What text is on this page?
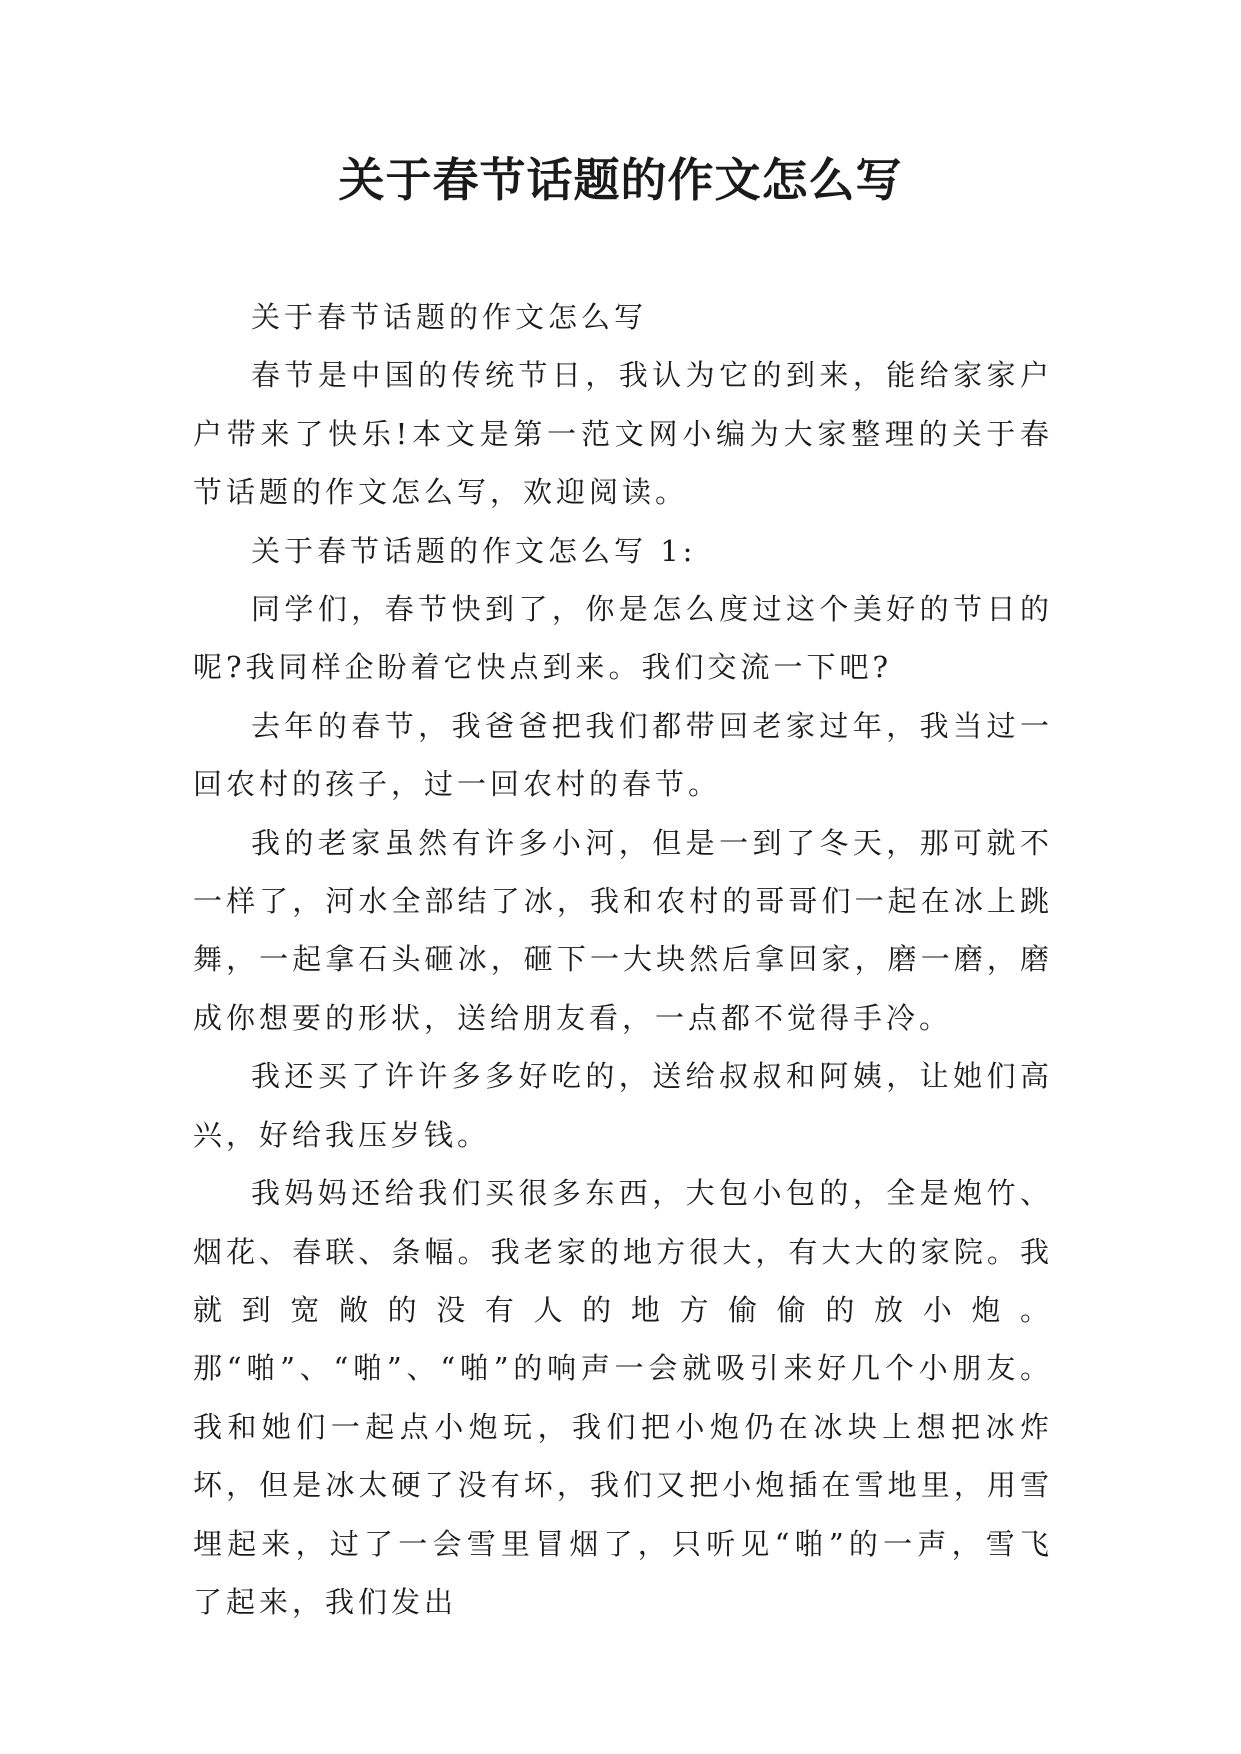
关于春节话题的作文怎么写

关于春节话题的作文怎么写

春节是中国的传统节日，我认为它的到来，能给家家户户带来了快乐!本文是第一范文网小编为大家整理的关于春节话题的作文怎么写，欢迎阅读。

关于春节话题的作文怎么写 1:

同学们，春节快到了，你是怎么度过这个美好的节日的呢?我同样企盼着它快点到来。我们交流一下吧?

去年的春节，我爸爸把我们都带回老家过年，我当过一回农村的孩子，过一回农村的春节。

我的老家虽然有许多小河，但是一到了冬天，那可就不一样了，河水全部结了冰，我和农村的哥哥们一起在冰上跳舞，一起拿石头砸冰，砸下一大块然后拿回家，磨一磨，磨成你想要的形状，送给朋友看，一点都不觉得手冷。

我还买了许许多多好吃的，送给叔叔和阿姨，让她们高兴，好给我压岁钱。

我妈妈还给我们买很多东西，大包小包的，全是炮竹、烟花、春联、条幅。我老家的地方很大，有大大的家院。我就到宽敞的没有人的地方偷偷的放小炮。那“啪”、“啪”、“啪”的响声一会就吸引来好几个小朋友。我和她们一起点小炮玩，我们把小炮仍在冰块上想把冰炸坏，但是冰太硬了没有坏，我们又把小炮插在雪地里，用雪埋起来，过了一会雪里冒烟了，只听见“啪”的一声，雪飞了起来，我们发出
